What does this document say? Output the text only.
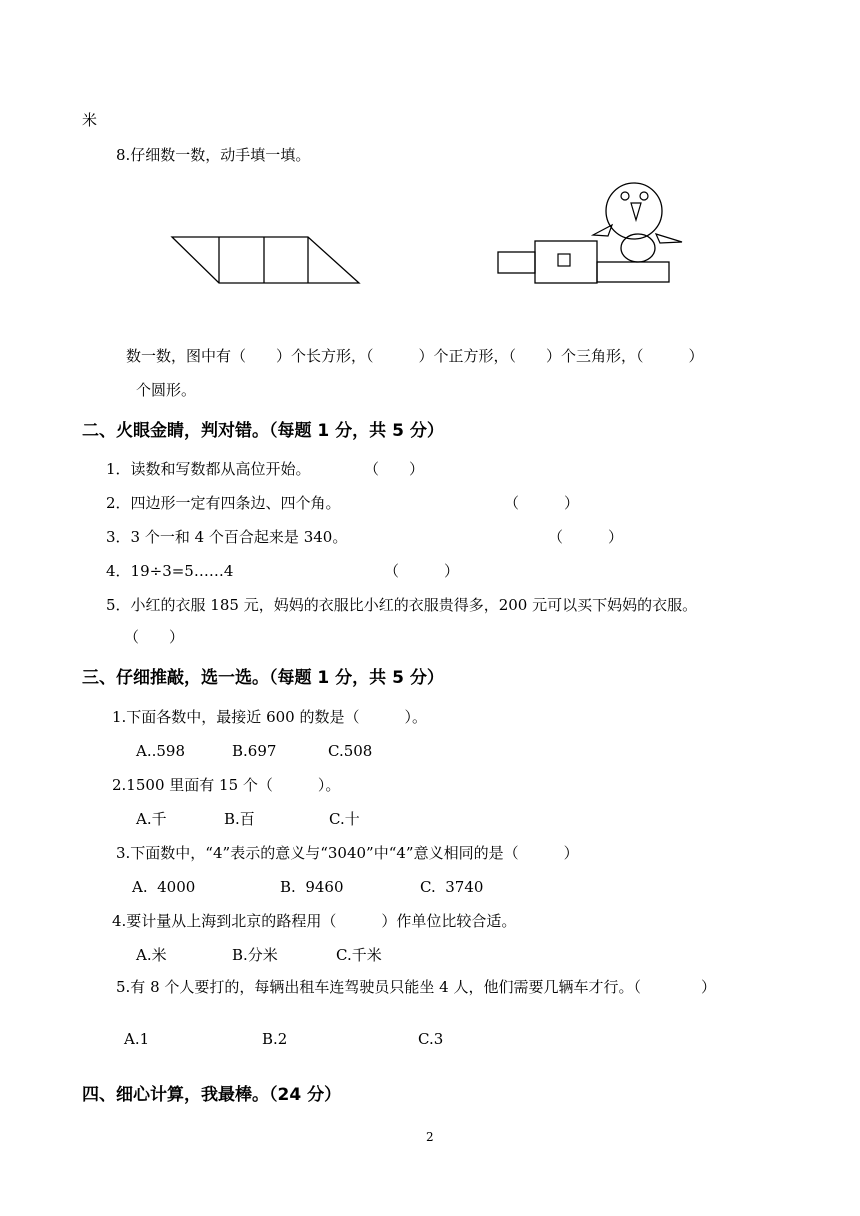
米
8.仔细数一数，动手填一填。
数一数，图中有（　　）个长方形，（　　　）个正方形，（　　）个三角形，（　　　）
个圆形。
二、火眼金睛，判对错。（每题 1 分，共 5 分）
1．读数和写数都从高位开始。	（　　）
2．四边形一定有四条边、四个角。	（　　　）
3．3 个一和 4 个百合起来是 340。	（　　　）
4．19÷3=5……4	（　　　）
5．小红的衣服 185 元，妈妈的衣服比小红的衣服贵得多，200 元可以买下妈妈的衣服。
（　　）
三、仔细推敲，选一选。（每题 1 分，共 5 分）
1.下面各数中，最接近 600 的数是（　　　）。
A..598	B.697	C.508
2.1500 里面有 15 个（　　　）。
A.千	B.百	C.十
3.下面数中，“4”表示的意义与“3040”中“4”意义相同的是（　　　）
A.  4000	B.  9460	C.  3740
4.要计量从上海到北京的路程用（　　　）作单位比较合适。
A.米	B.分米	C.千米
5.有 8 个人要打的，每辆出租车连驾驶员只能坐 4 人，他们需要几辆车才行。（　　　　）
A.1	B.2	C.3
四、细心计算，我最棒。（24 分）
2
